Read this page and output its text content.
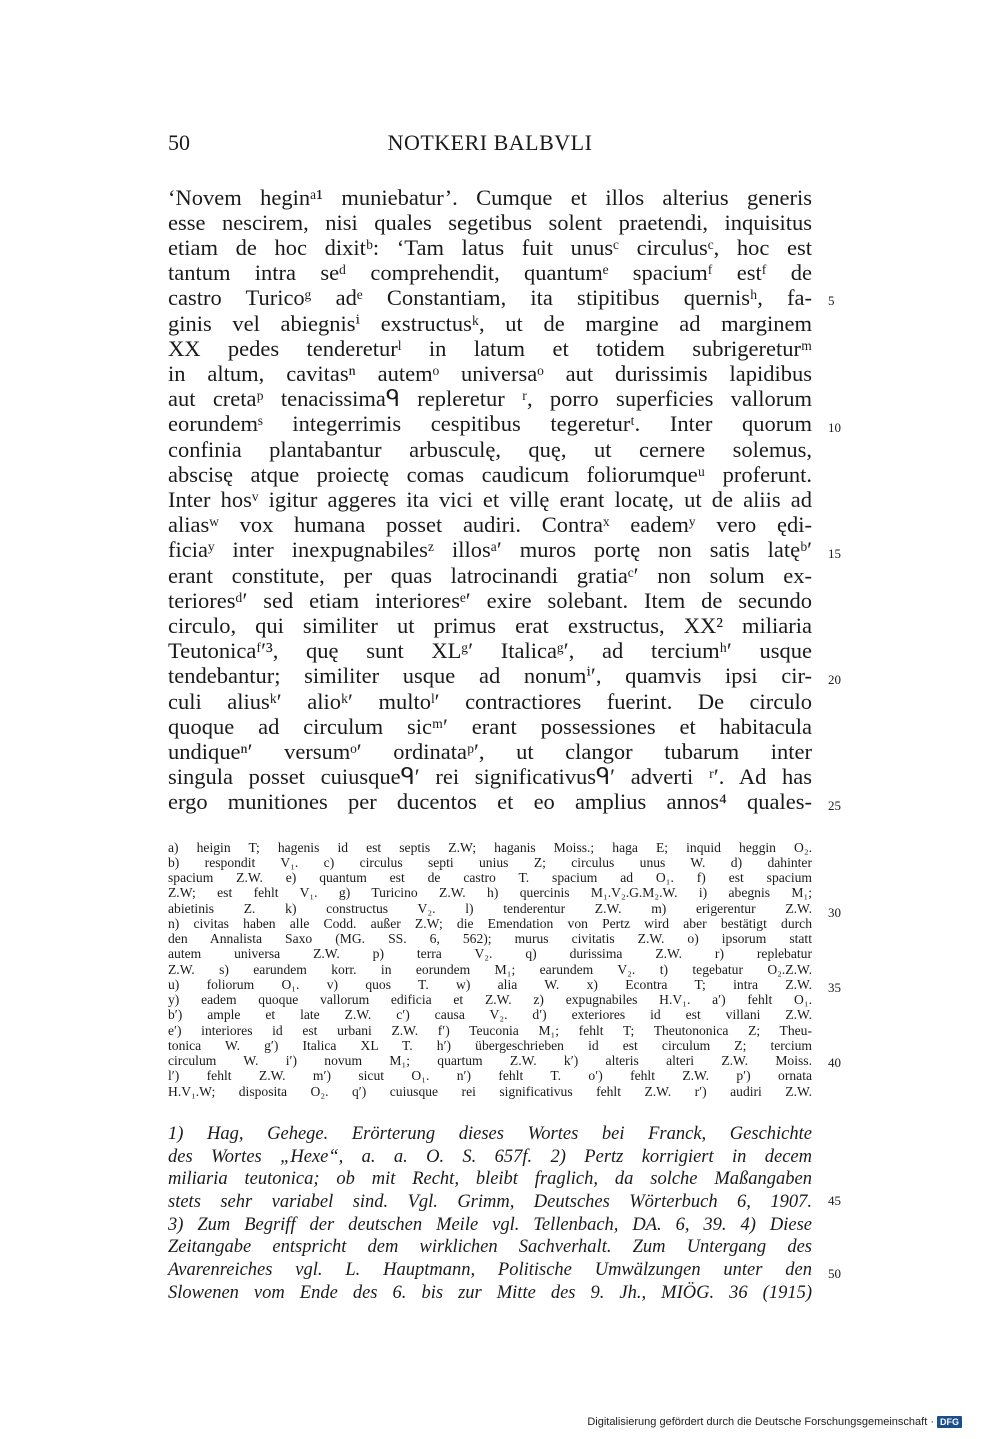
50	NOTKERI BALBVLI
‘Novem heginᵃ¹ muniebatur’. Cumque et illos alterius generis
esse nescirem, nisi quales segetibus solent praetendi, inquisitus
etiam de hoc dixitᵇ: ‘Tam latus fuit unusᶜ circulusᶜ, hoc est
tantum intra seᵈ comprehendit, quantumᵉ spaciumᶠ estᶠ de
castro Turicoᵍ adᵉ Constantiam, ita stipitibus quernisʰ, fa-
ginis vel abiegnisⁱ exstructusᵏ, ut de margine ad marginem
XX pedes tendereturˡ in latum et totidem subrigereturᵐ
in altum, cavitasⁿ autemᵒ universaᵒ aut durissimis lapidibus
aut cretaᵖ tenacissimaᑫ repleretur ʳ, porro superficies vallorum
eorundemˢ integerrimis cespitibus tegereturᵗ. Inter quorum
confinia plantabantur arbusculę, quę, ut cernere solemus,
abscisę atque proiectę comas caudicum foliorumqueᵘ proferunt.
Inter hosᵛ igitur aggeres ita vici et villę erant locatę, ut de aliis ad
aliasʷ vox humana posset audiri. Contraˣ eademʸ vero ędi-
ficiaʸ inter inexpugnabilesᶻ illosᵃ′ muros portę non satis latęᵇ′
erant constitute, per quas latrocinandi gratiaᶜ′ non solum ex-
terioresᵈ′ sed etiam interioresᵉ′ exire solebant. Item de secundo
circulo, qui similiter ut primus erat exstructus, XX² miliaria
Teutonicaᶠ′³, quę sunt XLᵍ′ Italicaᵍ′, ad terciumʰ′ usque
tendebantur; similiter usque ad nonumⁱ′, quamvis ipsi cir-
culi aliusᵏ′ alioᵏ′ multoˡ′ contractiores fuerint. De circulo
quoque ad circulum sicᵐ′ erant possessiones et habitacula
undiqueⁿ′ versumᵒ′ ordinataᵖ′, ut clangor tubarum inter
singula posset cuiusqueᑫ′ rei significativusᑫ′ adverti ʳ′. Ad has
ergo munitiones per ducentos et eo amplius annos⁴ quales-
5
10
15
20
25
a) heigin T; hagenis id est septis Z.W; haganis Moiss.; haga E; inquid heggin O₂.
b) respondit V₁. c) circulus septi unius Z; circulus unus W. d) dahinter
spacium Z.W. e) quantum est de castro T. spacium ad O₁. f) est spacium
Z.W; est fehlt V₁. g) Turicino Z.W. h) quercinis M₁.V₂.G.M₂.W. i) abegnis M₁;
abietinis Z. k) constructus V₂. l) tenderentur Z.W. m) erigerentur Z.W.
n) civitas haben alle Codd. außer Z.W; die Emendation von Pertz wird aber bestätigt durch
den Annalista Saxo (MG. SS. 6, 562); murus civitatis Z.W. o) ipsorum statt
autem universa Z.W. p) terra V₂. q) durissima Z.W. r) replebatur
Z.W. s) earundem korr. in eorundem M₁; earundem V₂. t) tegebatur O₂.Z.W.
u) foliorum O₁. v) quos T. w) alia W. x) Econtra T; intra Z.W.
y) eadem quoque vallorum edificia et Z.W. z) expugnabiles H.V₁. a′) fehlt O₁.
b′) ample et late Z.W. c′) causa V₂. d′) exteriores id est villani Z.W.
e′) interiores id est urbani Z.W. f′) Teuconia M₁; fehlt T; Theutononica Z; Theu-
tonica W. g′) Italica XL T. h′) übergeschrieben id est circulum Z; tercium
circulum W. i′) novum M₁; quartum Z.W. k′) alteris alteri Z.W. Moiss.
l′) fehlt Z.W. m′) sicut O₁. n′) fehlt T. o′) fehlt Z.W. p′) ornata
H.V₁.W; disposita O₂. q′) cuiusque rei significativus fehlt Z.W. r′) audiri Z.W.
30
35
40
1) Hag, Gehege. Erörterung dieses Wortes bei Franck, Geschichte
des Wortes „Hexe“, a. a. O. S. 657f. 2) Pertz korrigiert in decem
miliaria teutonica; ob mit Recht, bleibt fraglich, da solche Maßangaben
stets sehr variabel sind. Vgl. Grimm, Deutsches Wörterbuch 6, 1907.
3) Zum Begriff der deutschen Meile vgl. Tellenbach, DA. 6, 39. 4) Diese
Zeitangabe entspricht dem wirklichen Sachverhalt. Zum Untergang des
Avarenreiches vgl. L. Hauptmann, Politische Umwälzungen unter den
Slowenen vom Ende des 6. bis zur Mitte des 9. Jh., MIÖG. 36 (1915)
45
50
Digitalisierung gefördert durch die Deutsche Forschungsgemeinschaft · DFG
